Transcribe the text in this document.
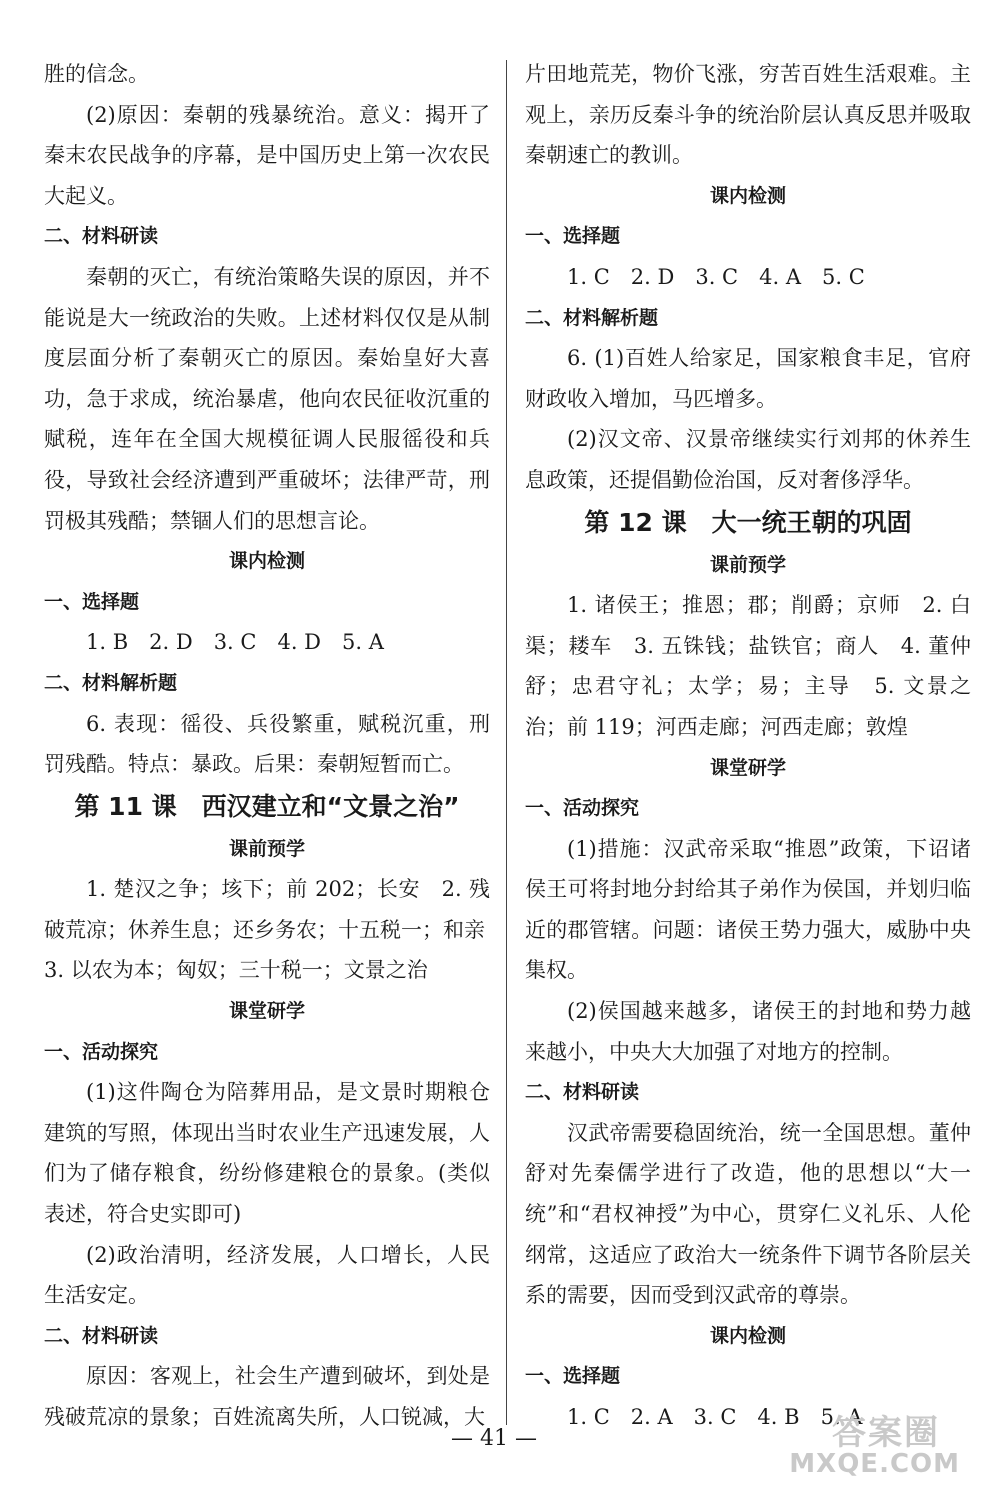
胜的信念。

(2)原因：秦朝的残暴统治。意义：揭开了秦末农民战争的序幕，是中国历史上第一次农民大起义。

二、材料研读

秦朝的灭亡，有统治策略失误的原因，并不能说是大一统政治的失败。上述材料仅仅是从制度层面分析了秦朝灭亡的原因。秦始皇好大喜功，急于求成，统治暴虐，他向农民征收沉重的赋税，连年在全国大规模征调人民服徭役和兵役，导致社会经济遭到严重破坏；法律严苛，刑罚极其残酷；禁锢人们的思想言论。

课内检测

一、选择题

1. B　2. D　3. C　4. D　5. A

二、材料解析题

6. 表现：徭役、兵役繁重，赋税沉重，刑罚残酷。特点：暴政。后果：秦朝短暂而亡。

第 11 课　西汉建立和“文景之治”

课前预学

1. 楚汉之争；垓下；前 202；长安　2. 残破荒凉；休养生息；还乡务农；十五税一；和亲

3. 以农为本；匈奴；三十税一；文景之治

课堂研学

一、活动探究

(1)这件陶仓为陪葬用品，是文景时期粮仓建筑的写照，体现出当时农业生产迅速发展，人们为了储存粮食，纷纷修建粮仓的景象。(类似表述，符合史实即可)

(2)政治清明，经济发展，人口增长，人民生活安定。

二、材料研读

原因：客观上，社会生产遭到破坏，到处是残破荒凉的景象；百姓流离失所，人口锐减，大

片田地荒芜，物价飞涨，穷苦百姓生活艰难。主观上，亲历反秦斗争的统治阶层认真反思并吸取秦朝速亡的教训。

课内检测

一、选择题

1. C　2. D　3. C　4. A　5. C

二、材料解析题

6. (1)百姓人给家足，国家粮食丰足，官府财政收入增加，马匹增多。

(2)汉文帝、汉景帝继续实行刘邦的休养生息政策，还提倡勤俭治国，反对奢侈浮华。

第 12 课　大一统王朝的巩固

课前预学

1. 诸侯王；推恩；郡；削爵；京师　2. 白渠；耧车　3. 五铢钱；盐铁官；商人　4. 董仲舒；忠君守礼；太学；易；主导　5. 文景之治；前 119；河西走廊；河西走廊；敦煌

课堂研学

一、活动探究

(1)措施：汉武帝采取“推恩”政策，下诏诸侯王可将封地分封给其子弟作为侯国，并划归临近的郡管辖。问题：诸侯王势力强大，威胁中央集权。

(2)侯国越来越多，诸侯王的封地和势力越来越小，中央大大加强了对地方的控制。

二、材料研读

汉武帝需要稳固统治，统一全国思想。董仲舒对先秦儒学进行了改造，他的思想以“大一统”和“君权神授”为中心，贯穿仁义礼乐、人伦纲常，这适应了政治大一统条件下调节各阶层关系的需要，因而受到汉武帝的尊崇。

课内检测

一、选择题

1. C　2. A　3. C　4. B　5. A

— 41 —	答案圈
MXQE.COM
